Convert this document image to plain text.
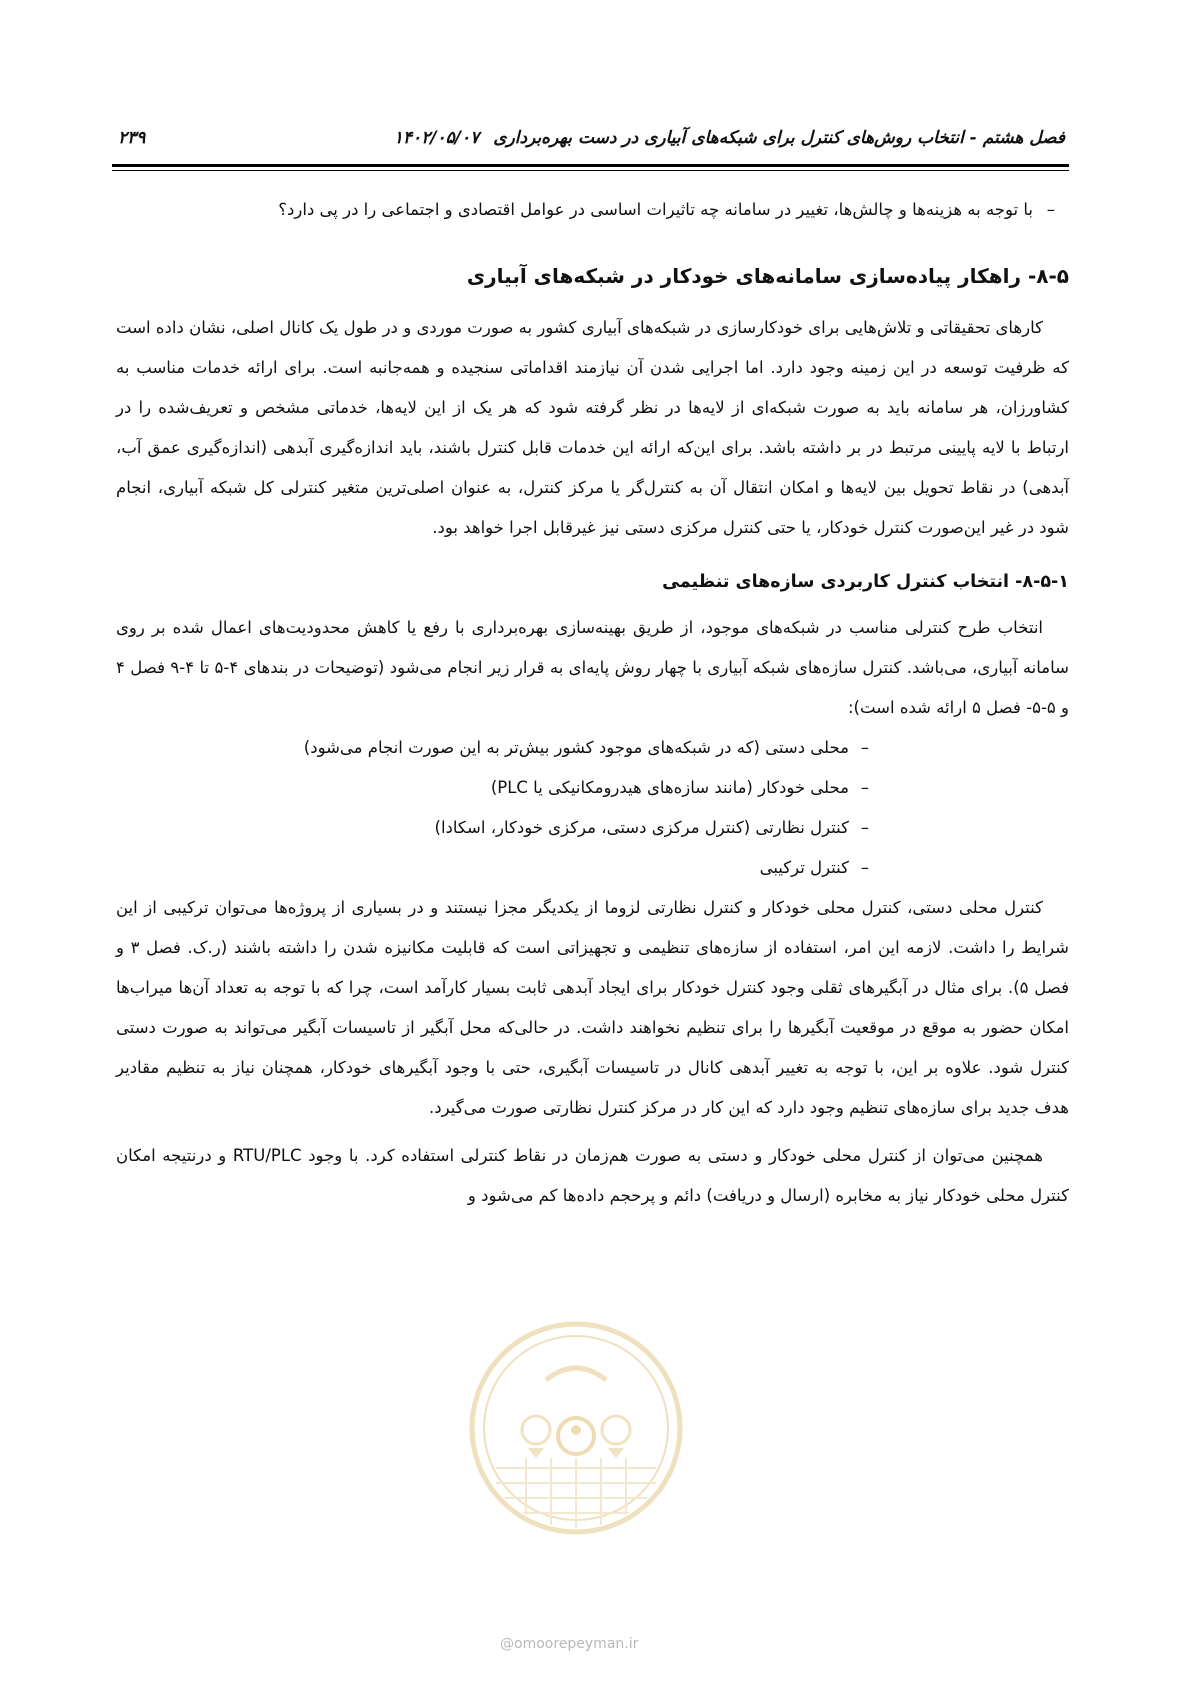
فصل هشتم - انتخاب روش‌های کنترل برای شبکه‌های آبیاری در دست بهره‌برداری۱۴۰۲/۰۵/۰۷
۲۳۹

–
با توجه به هزینه‌ها و چالش‌ها، تغییر در سامانه چه تاثیرات اساسی در عوامل اقتصادی و اجتماعی را در پی دارد؟

۸-۵- راهکار پیاده‌سازی سامانه‌های خودکار در شبکه‌های آبیاری

کارهای تحقیقاتی و تلاش‌هایی برای خودکارسازی در شبکه‌های آبیاری کشور به صورت موردی و در طول یک کانال اصلی، نشان داده است که ظرفیت توسعه در این زمینه وجود دارد. اما اجرایی شدن آن نیازمند اقداماتی سنجیده و همه‌جانبه است. برای ارائه خدمات مناسب به کشاورزان، هر سامانه باید به صورت شبکه‌ای از لایه‌ها در نظر گرفته شود که هر یک از این لایه‌ها، خدماتی مشخص و تعریف‌شده را در ارتباط با لایه پایینی مرتبط در بر داشته باشد. برای این‌که ارائه این خدمات قابل کنترل باشند، باید اندازه‌گیری آبدهی (اندازه‌گیری عمق آب، آبدهی) در نقاط تحویل بین لایه‌ها و امکان انتقال آن به کنترل‌گر یا مرکز کنترل، به عنوان اصلی‌ترین متغیر کنترلی کل شبکه آبیاری، انجام شود در غیر این‌صورت کنترل خودکار، یا حتی کنترل مرکزی دستی نیز غیرقابل اجرا خواهد بود.

۸-۵-۱- انتخاب کنترل کاربردی سازه‌های تنظیمی

انتخاب طرح کنترلی مناسب در شبکه‌های موجود، از طریق بهینه‌سازی بهره‌برداری با رفع یا کاهش محدودیت‌های اعمال شده بر روی سامانه آبیاری، می‌باشد. کنترل سازه‌های شبکه آبیاری با چهار روش پایه‌ای به قرار زیر انجام می‌شود (توضیحات در بندهای ۴-۵ تا ۴-۹ فصل ۴ و ۵-۵- فصل ۵ ارائه شده است):

–
محلی دستی (که در شبکه‌های موجود کشور بیش‌تر به این صورت انجام می‌شود)

–
محلی خودکار (مانند سازه‌های هیدرومکانیکی یا PLC)

–
کنترل نظارتی (کنترل مرکزی دستی، مرکزی خودکار، اسکادا)

–
کنترل ترکیبی

کنترل محلی دستی، کنترل محلی خودکار و کنترل نظارتی لزوما از یکدیگر مجزا نیستند و در بسیاری از پروژه‌ها می‌توان ترکیبی از این شرایط را داشت. لازمه این امر، استفاده از سازه‌های تنظیمی و تجهیزاتی است که قابلیت مکانیزه شدن را داشته باشند (ر.ک. فصل ۳ و فصل ۵). برای مثال در آبگیرهای ثقلی وجود کنترل خودکار برای ایجاد آبدهی ثابت بسیار کارآمد است، چرا که با توجه به تعداد آن‌ها میراب‌ها امکان حضور به موقع در موقعیت آبگیرها را برای تنظیم نخواهند داشت. در حالی‌که محل آبگیر از تاسیسات آبگیر می‌تواند به صورت دستی کنترل شود. علاوه بر این، با توجه به تغییر آبدهی کانال در تاسیسات آبگیری، حتی با وجود آبگیرهای خودکار، همچنان نیاز به تنظیم مقادیر هدف جدید برای سازه‌های تنظیم وجود دارد که این کار در مرکز کنترل نظارتی صورت می‌گیرد.

همچنین می‌توان از کنترل محلی خودکار و دستی به صورت هم‌زمان در نقاط کنترلی استفاده کرد. با وجود RTU/PLC و درنتیجه امکان کنترل محلی خودکار نیاز به مخابره (ارسال و دریافت) دائم و پرحجم داده‌ها کم می‌شود و

@omoorepeyman.ir
